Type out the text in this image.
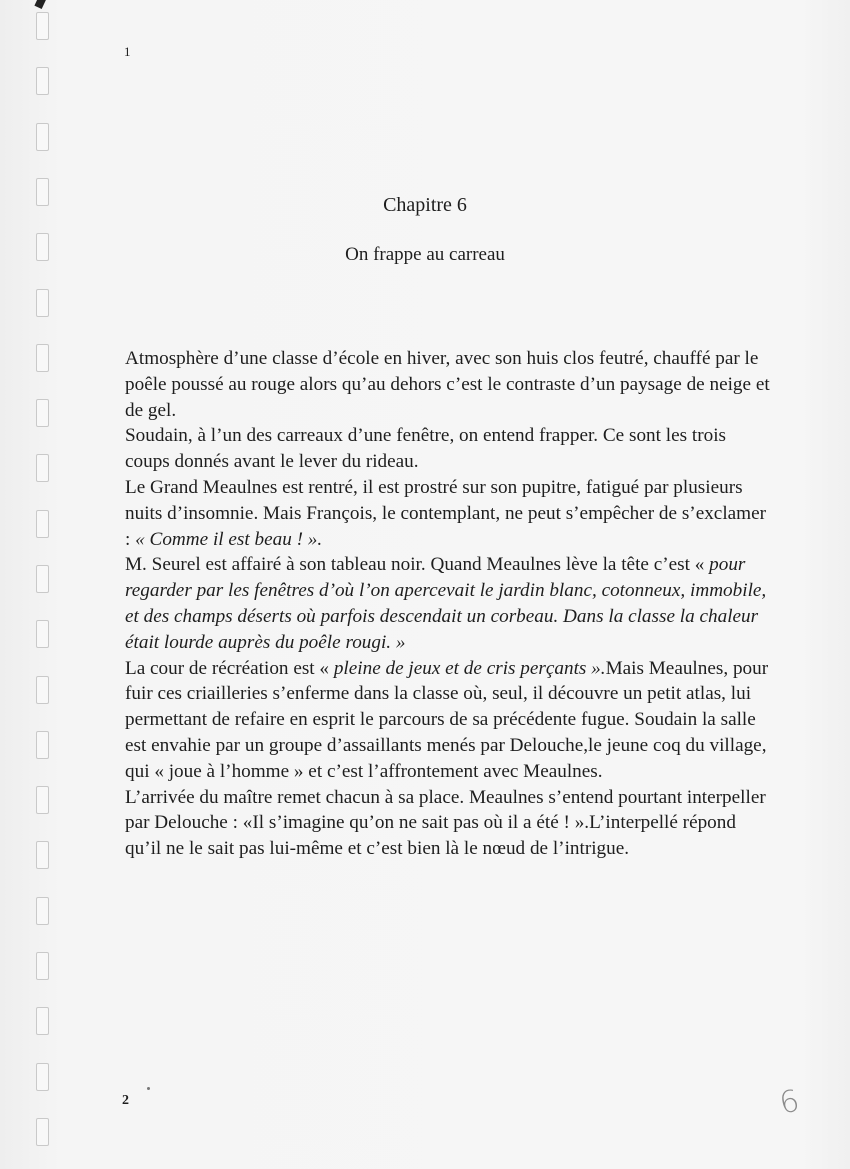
1
Chapitre 6
On frappe au carreau

Atmosphère d’une classe d’école en hiver, avec son huis clos feutré, chauffé par le poêle poussé au rouge alors qu’au dehors c’est le contraste d’un paysage de neige et de gel.

Soudain, à l’un des carreaux d’une fenêtre, on entend frapper. Ce sont les trois coups donnés avant le lever du rideau.

Le Grand Meaulnes est rentré, il est prostré sur son pupitre, fatigué par plusieurs nuits d’insomnie. Mais François, le contemplant, ne peut s’empêcher de s’exclamer : « Comme il est beau ! ».

M. Seurel est affairé à son tableau noir. Quand Meaulnes lève la tête c’est « pour regarder par les fenêtres d’où l’on apercevait le jardin blanc, cotonneux, immobile, et des champs déserts où parfois descendait un corbeau. Dans la classe la chaleur était lourde auprès du poêle rougi. »

La cour de récréation est « pleine de jeux et de cris perçants ».Mais Meaulnes, pour fuir ces criailleries s’enferme dans la classe où, seul, il découvre un petit atlas, lui permettant de refaire en esprit le parcours de sa précédente fugue. Soudain la salle est envahie par un groupe d’assaillants menés par Delouche,le jeune coq du village, qui « joue à l’homme » et c’est l’affrontement avec Meaulnes.

L’arrivée du maître remet chacun à sa place. Meaulnes s’entend pourtant interpeller par Delouche : «Il s’imagine qu’on ne sait pas où il a été ! ».L’interpellé répond qu’il ne le sait pas lui-même et c’est bien là le nœud de l’intrigue.

2	6
